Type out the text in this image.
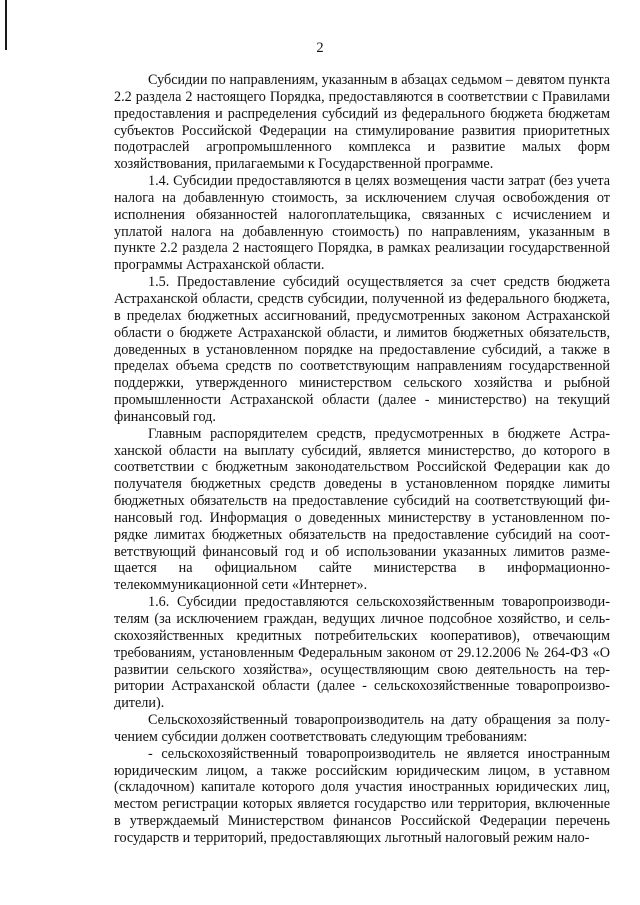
2

Субсидии по направлениям, указанным в абзацах седьмом – девятом пункта 2.2 раздела 2 настоящего Порядка, предоставляются в соответствии с Правилами предоставления и распределения субсидий из федерального бюджета бюджетам субъектов Российской Федерации на стимулирование развития приоритетных подотраслей агропромышленного комплекса и развитие малых форм хозяйствования, прилагаемыми к Государственной программе.

1.4. Субсидии предоставляются в целях возмещения части затрат (без учета налога на добавленную стоимость, за исключением случая освобождения от исполнения обязанностей налогоплательщика, связанных с исчислением и уплатой налога на добавленную стоимость) по направлениям, указанным в пункте 2.2 раздела 2 настоящего Порядка, в рамках реализации государственной программы Астраханской области.

1.5. Предоставление субсидий осуществляется за счет средств бюджета Астраханской области, средств субсидии, полученной из федерального бюджета, в пределах бюджетных ассигнований, предусмотренных законом Астраханской области о бюджете Астраханской области, и лимитов бюджетных обязательств, доведенных в установленном порядке на предоставление субсидий, а также в пределах объема средств по соответствующим направлениям государственной поддержки, утвержденного министерством сельского хозяйства и рыбной промышленности Астраханской области (далее - министерство) на текущий финансовый год.

Главным распорядителем средств, предусмотренных в бюджете Астраханской области на выплату субсидий, является министерство, до которого в соответствии с бюджетным законодательством Российской Федерации как до получателя бюджетных средств доведены в установленном порядке лимиты бюджетных обязательств на предоставление субсидий на соответствующий финансовый год. Информация о доведенных министерству в установленном порядке лимитах бюджетных обязательств на предоставление субсидий на соответствующий финансовый год и об использовании указанных лимитов размещается на официальном сайте министерства в информационно-телекоммуникационной сети «Интернет».

1.6. Субсидии предоставляются сельскохозяйственным товаропроизводителям (за исключением граждан, ведущих личное подсобное хозяйство, и сельскохозяйственных кредитных потребительских кооперативов), отвечающим требованиям, установленным Федеральным законом от 29.12.2006 № 264-ФЗ «О развитии сельского хозяйства», осуществляющим свою деятельность на территории Астраханской области (далее - сельскохозяйственные товаропроизводители).

Сельскохозяйственный товаропроизводитель на дату обращения за получением субсидии должен соответствовать следующим требованиям:

- сельскохозяйственный товаропроизводитель не является иностранным юридическим лицом, а также российским юридическим лицом, в уставном (складочном) капитале которого доля участия иностранных юридических лиц, местом регистрации которых является государство или территория, включенные в утверждаемый Министерством финансов Российской Федерации перечень государств и территорий, предоставляющих льготный налоговый режим нало-
